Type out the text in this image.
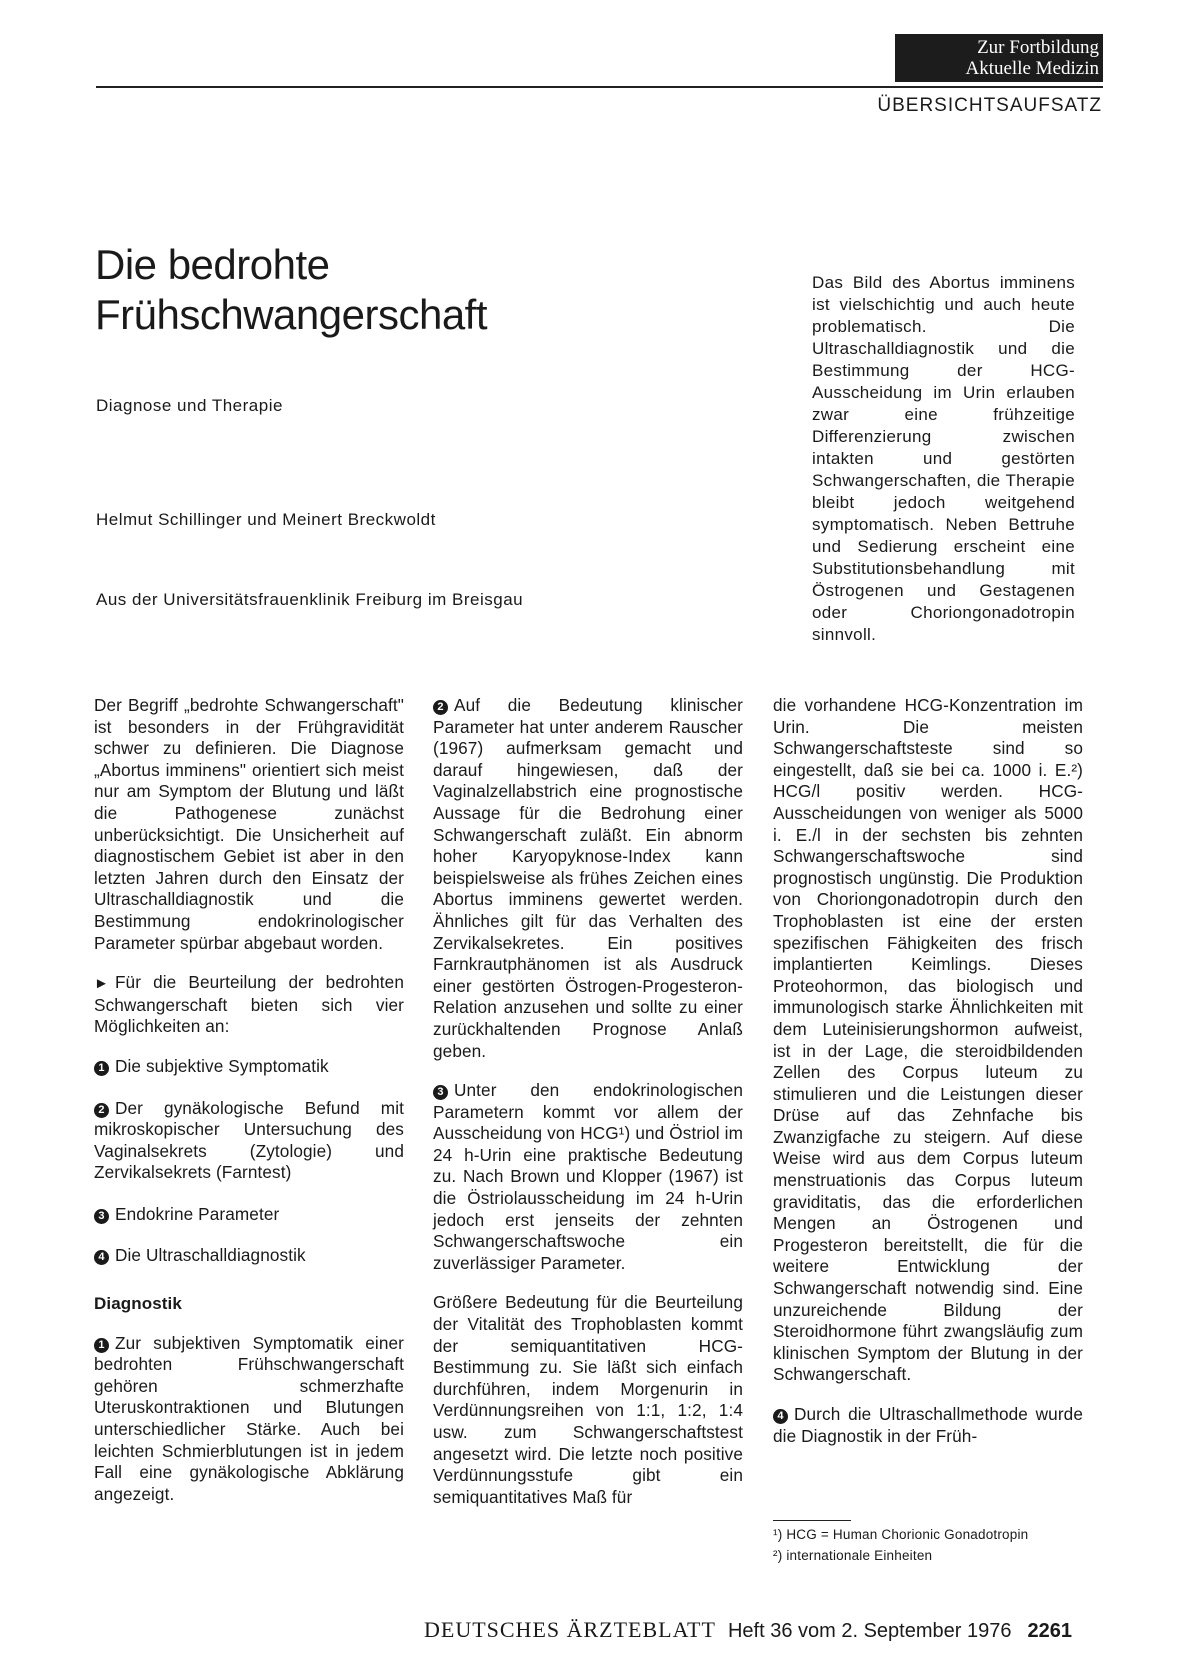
Zur Fortbildung
Aktuelle Medizin
ÜBERSICHTSAUFSATZ
Die bedrohte
Frühschwangerschaft
Diagnose und Therapie
Helmut Schillinger und Meinert Breckwoldt
Aus der Universitätsfrauenklinik Freiburg im Breisgau
Das Bild des Abortus imminens ist vielschichtig und auch heute problematisch. Die Ultraschalldiagnostik und die Bestimmung der HCG-Ausscheidung im Urin erlauben zwar eine frühzeitige Differenzierung zwischen intakten und gestörten Schwangerschaften, die Therapie bleibt jedoch weitgehend symptomatisch. Neben Bettruhe und Sedierung erscheint eine Substitutionsbehandlung mit Östrogenen und Gestagenen oder Choriongonadotropin sinnvoll.

Der Begriff „bedrohte Schwangerschaft" ist besonders in der Frühgravidität schwer zu definieren. Die Diagnose „Abortus imminens" orientiert sich meist nur am Symptom der Blutung und läßt die Pathogenese zunächst unberücksichtigt. Die Unsicherheit auf diagnostischem Gebiet ist aber in den letzten Jahren durch den Einsatz der Ultraschalldiagnostik und die Bestimmung endokrinologischer Parameter spürbar abgebaut worden.

► Für die Beurteilung der bedrohten Schwangerschaft bieten sich vier Möglichkeiten an:

1 Die subjektive Symptomatik

2 Der gynäkologische Befund mit mikroskopischer Untersuchung des Vaginalsekrets (Zytologie) und Zervikalsekrets (Farntest)

3 Endokrine Parameter

4 Die Ultraschalldiagnostik

Diagnostik

1 Zur subjektiven Symptomatik einer bedrohten Frühschwangerschaft gehören schmerzhafte Uteruskontraktionen und Blutungen unterschiedlicher Stärke. Auch bei leichten Schmierblutungen ist in jedem Fall eine gynäkologische Abklärung angezeigt.

2 Auf die Bedeutung klinischer Parameter hat unter anderem Rauscher (1967) aufmerksam gemacht und darauf hingewiesen, daß der Vaginalzellabstrich eine prognostische Aussage für die Bedrohung einer Schwangerschaft zuläßt. Ein abnorm hoher Karyopyknose-Index kann beispielsweise als frühes Zeichen eines Abortus imminens gewertet werden. Ähnliches gilt für das Verhalten des Zervikalsekretes. Ein positives Farnkrautphänomen ist als Ausdruck einer gestörten Östrogen-Progesteron-Relation anzusehen und sollte zu einer zurückhaltenden Prognose Anlaß geben.

3 Unter den endokrinologischen Parametern kommt vor allem der Ausscheidung von HCG¹) und Östriol im 24 h-Urin eine praktische Bedeutung zu. Nach Brown und Klopper (1967) ist die Östriolausscheidung im 24 h-Urin jedoch erst jenseits der zehnten Schwangerschaftswoche ein zuverlässiger Parameter.

Größere Bedeutung für die Beurteilung der Vitalität des Trophoblasten kommt der semiquantitativen HCG-Bestimmung zu. Sie läßt sich einfach durchführen, indem Morgenurin in Verdünnungsreihen von 1:1, 1:2, 1:4 usw. zum Schwangerschaftstest angesetzt wird. Die letzte noch positive Verdünnungsstufe gibt ein semiquantitatives Maß für

die vorhandene HCG-Konzentration im Urin. Die meisten Schwangerschaftsteste sind so eingestellt, daß sie bei ca. 1000 i. E.²) HCG/l positiv werden. HCG-Ausscheidungen von weniger als 5000 i. E./l in der sechsten bis zehnten Schwangerschaftswoche sind prognostisch ungünstig. Die Produktion von Choriongonadotropin durch den Trophoblasten ist eine der ersten spezifischen Fähigkeiten des frisch implantierten Keimlings. Dieses Proteohormon, das biologisch und immunologisch starke Ähnlichkeiten mit dem Luteinisierungshormon aufweist, ist in der Lage, die steroidbildenden Zellen des Corpus luteum zu stimulieren und die Leistungen dieser Drüse auf das Zehnfache bis Zwanzigfache zu steigern. Auf diese Weise wird aus dem Corpus luteum menstruationis das Corpus luteum graviditatis, das die erforderlichen Mengen an Östrogenen und Progesteron bereitstellt, die für die weitere Entwicklung der Schwangerschaft notwendig sind. Eine unzureichende Bildung der Steroidhormone führt zwangsläufig zum klinischen Symptom der Blutung in der Schwangerschaft.

4 Durch die Ultraschallmethode wurde die Diagnostik in der Früh-

¹) HCG = Human Chorionic Gonadotropin
²) internationale Einheiten
DEUTSCHES ÄRZTEBLATT Heft 36 vom 2. September 1976 2261
